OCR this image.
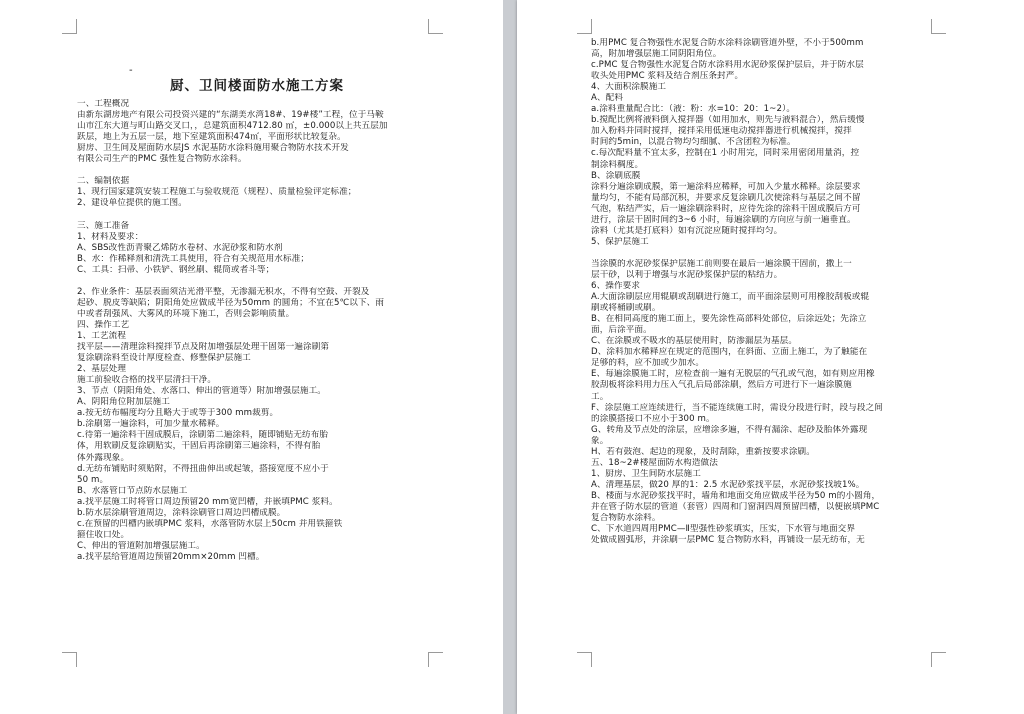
-
厨、卫间楼面防水施工方案
一、工程概况
由新东湖房地产有限公司投资兴建的“东湖美水湾18#、19#楼”工程，位于马鞍
山市江东大道与町山路交叉口，，总建筑面积4712.80 ㎡，±0.000以上共五层加
跃层，地上为五层一层，地下室建筑面积474㎡，平面形状比较复杂。
厨房、卫生间及屋面防水层JS 水泥基防水涂料施用聚合物防水技术开发
有限公司生产的PMC 强性复合物防水涂料。
二、编制依据
1、现行国家建筑安装工程施工与验收规范（规程）、质量检验评定标准；
2、建设单位提供的施工图。
三、施工准备
1、材料及要求：
A、SBS改性沥青聚乙烯防水卷材、水泥砂浆和防水剂
B、水：作稀释剂和清洗工具使用，符合有关规范用水标准；
C、工具：扫帚、小铁铲、钢丝刷、辊筒或者斗等；
2、作业条件：基层表面须洁光滑平整，无渗漏无积水，不得有空鼓、开裂及
起砂、脱皮等缺陷；阴阳角处应做成半径为50mm 的圆角；不宜在5℃以下、雨
中或者刮强风、大雾风的环境下施工，否则会影响质量。
四、操作工艺
1、工艺流程
找平层——清理涂料搅拌节点及附加增强层处理干固第一遍涂刷第
复涂刷涂料至设计厚度检查、修整保护层施工
2、基层处理
施工前验收合格的找平层清扫干净。
3、节点（阴阳角处、水落口、伸出的管道等）附加增强层施工。
A、阴阳角位附加层施工
a.按无纺布幅度均分且略大于或等于300 mm裁剪。
b.涂刷第一遍涂料，可加少量水稀释。
c.待第一遍涂料干固成膜后，涂刷第二遍涂料，随即铺贴无纺布胎
体，用软刷反复涂刷贴实，干固后再涂刷第三遍涂料，不得有胎
体外露现象。
d.无纺布铺贴时须贴附，不得扭曲伸出或起皱，搭接宽度不应小于
50 m。
B、水落管口节点防水层施工
a.找平层施工时将管口周边预留20 mm宽凹槽，并嵌填PMC 浆料。
b.防水层涂刷管道周边，涂料涂刷管口周边凹槽成膜。
c.在预留的凹槽内嵌填PMC 浆料，水落管防水层上50cm 并用铁箍铁
箍住收口处。
C、伸出的管道附加增强层施工。
a.找平层给管道周边预留20mm×20mm 凹槽。
b.用PMC 复合物强性水泥复合防水涂料涂刷管道外壁，不小于500mm
高，附加增强层施工同阴阳角位。
c.PMC 复合物强性水泥复合防水涂料用水泥砂浆保护层后，并于防水层
收头处用PMC 浆料及结合剂压条封严。
4、大面积涂膜施工
A、配料
a.涂料重量配合比：（液：粉：水=10：20：1~2）。
b.搅配比例将液料倒入搅拌器（如用加水，则先与液料混合），然后缓慢
加入粉料并同时搅拌，搅拌采用低速电动搅拌器进行机械搅拌，搅拌
时间约5min，以混合物均匀细腻、不含团粒为标准。
c.每次配料量不宜太多，控制在1 小时用完，同时采用密闭用量消，控
制涂料稠度。
B、涂刷底膜
涂料分遍涂刷成膜，第一遍涂料应稀释，可加入少量水稀释。涂层要求
量均匀，不能有局部沉积，并要求反复涂刷几次使涂料与基层之间不留
气泡，粘结严实，后一遍涂刷涂料时，应待先涂的涂料干固成膜后方可
进行，涂层干固时间约3~6 小时，每遍涂刷的方向应与前一遍垂直。
涂料（尤其是打底料）如有沉淀应随时搅拌均匀。
5、保护层施工
当涂膜的水泥砂浆保护层施工前则要在最后一遍涂膜干固前，撒上一
层干砂，以利于增强与水泥砂浆保护层的粘结力。
6、操作要求
A.大面涂刷层应用辊刷或刮刷进行施工，而平面涂层则可用橡胶刮板或辊
刷或将桶刷或刷。
B、在相同高度的施工面上，要先涂性高部料处部位，后涂远处；先涂立
面，后涂平面。
C、在涂膜或不吸水的基层使用时，防渗漏层为基层。
D、涂料加水稀释应在规定的范围内，在斜面、立面上施工，为了触能在
足够的料，应不加或少加水。
E、每遍涂膜施工时，应检查前一遍有无脱层的气孔或气泡，如有则应用橡
胶刮板将涂料用力压入气孔后局部涂刷，然后方可进行下一遍涂膜施
工。
F、涂层施工应连续进行，当不能连续施工时，需设分段进行时，段与段之间
的涂膜搭接口不应小于300 m。
G、转角及节点处的涂层，应增涂多遍，不得有漏涂、起砂及胎体外露现
象。
H、若有鼓泡、起边的现象，及时刮除，重新按要求涂刷。
五、18~2#楼屋面防水构造做法
1、厨房、卫生间防水层施工
A、清理基层，做20 厚的1：2.5 水泥砂浆找平层，水泥砂浆找坡1%。
B、楼面与水泥砂浆找平时，墙角和地面交角应做成半径为50 m的小圆角，
并在管子防水层的管道（套管）四周和门窗洞四周预留凹槽，以便嵌填PMC
复合物防水涂料。
C、下水道四周用PMC—Ⅱ型强性砂浆填实，压实，下水管与地面交界
处做成圆弧形，并涂刷一层PMC 复合物防水料，再铺设一层无纺布，无
